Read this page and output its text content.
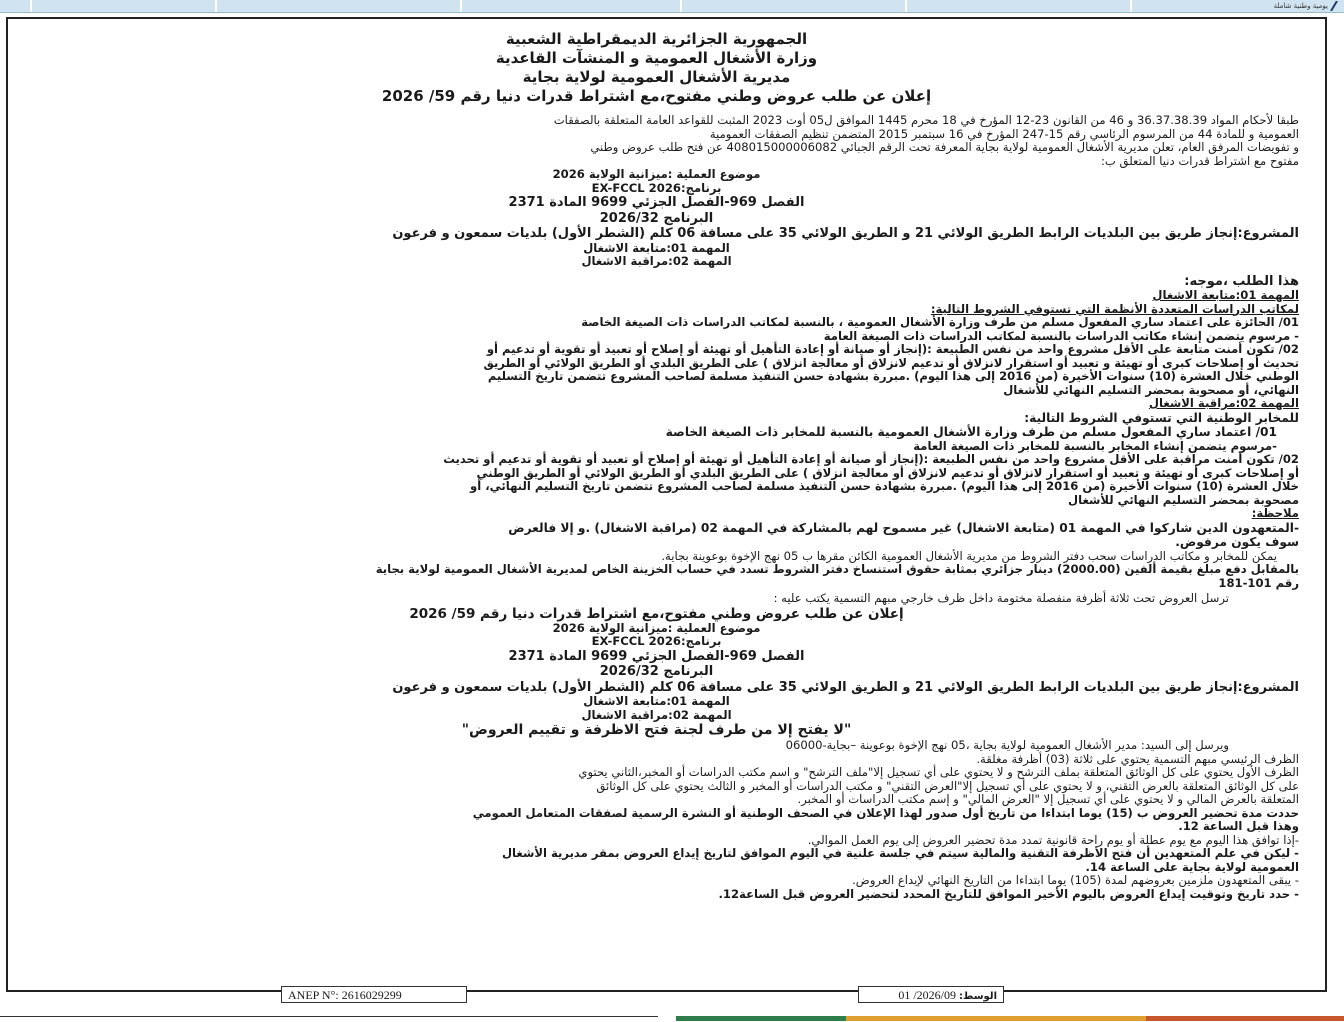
يومية وطنية شاملة
الجمهورية الجزائرية الديمقراطية الشعبية
وزارة الأشغال العمومية و المنشآت القاعدية
مديرية الأشغال العمومية لولاية بجاية
إعلان عن طلب عروض وطني مفتوح،مع اشتراط قدرات دنيا رقم 59/ 2026
طبقا لأحكام المواد 36.37.38.39 و 46 من القانون 23-12 المؤرخ في 18 محرم 1445 الموافق ل05 أوت 2023 المثبت للقواعد العامة المتعلقة بالصفقات
العمومية و للمادة 44 من المرسوم الرئاسي رقم 15-247 المؤرخ في 16 سبتمبر 2015 المتضمن تنظيم الصفقات العمومية
و تفويضات المرفق العام، تعلن مديرية الأشغال العمومية لولاية بجاية المعرفة تحت الرقم الجبائي 408015000006082 عن فتح طلب عروض وطني
مفتوح مع اشتراط قدرات دنيا المتعلق ب:
موضوع العملية :ميزانية الولاية 2026
برنامج:EX-FCCL 2026
الفصل 969-الفصل الجزئي 9699 المادة 2371
البرنامج 2026/32
المشروع:إنجاز طريق بين البلديات الرابط الطريق الولائي 21 و الطريق الولائي 35 على مسافة 06 كلم (الشطر الأول) بلديات سمعون و فرعون
المهمة 01:متابعة الاشغال
المهمة 02:مراقبة الاشغال
هذا الطلب ،موجه:
المهمة 01:متابعة الاشغال
لمكاتب الدراسات المتعددة الأنظمة التي تستوفي الشروط التالية:
01/ الحائزة على اعتماد ساري المفعول مسلم من طرف وزارة الأشغال العمومية ، بالنسبة لمكاتب الدراسات ذات الصيغة الخاصة
- مرسوم يتضمن إنشاء مكاتب الدراسات بالنسبة لمكاتب الدراسات ذات الصيغة العامة
02/ تكون أمنت متابعة على الأقل مشروع واحد من نفس الطبيعة :(إنجاز أو صيانة أو إعادة التأهيل أو تهيئة أو إصلاح أو تعبيد أو تقوية أو تدعيم أو
تحديث أو إصلاحات كبرى أو تهيئة و تعبيد أو استقرار لانزلاق أو تدعيم لانزلاق أو معالجة انزلاق ) على الطريق البلدي أو الطريق الولائي أو الطريق
الوطني خلال العشرة (10) سنوات الأخيرة (من 2016 إلى هذا اليوم) .مبررة بشهادة حسن التنفيذ مسلمة لصاحب المشروع تتضمن تاريخ التسليم
النهائي، أو مصحوبة بمحضر التسليم النهائي للأشغال
المهمة 02:مراقبة الاشغال
للمخابر الوطنية التي تستوفي الشروط التالية:
01/ اعتماد ساري المفعول مسلم من طرف وزارة الأشغال العمومية بالنسبة للمخابر ذات الصيغة الخاصة
-مرسوم يتضمن إنشاء المخابر بالنسبة للمخابر ذات الصيغة العامة
02/ تكون أمنت مراقبة على الأقل مشروع واحد من نفس الطبيعة :(إنجاز أو صيانة أو إعادة التأهيل أو تهيئة أو إصلاح أو تعبيد أو تقوية أو تدعيم أو تحديث
أو إصلاحات كبرى أو تهيئة و تعبيد أو استقرار لانزلاق أو تدعيم لانزلاق أو معالجة انزلاق ) على الطريق البلدي أو الطريق الولائي أو الطريق الوطني
خلال العشرة (10) سنوات الأخيرة (من 2016 إلى هذا اليوم) .مبررة بشهادة حسن التنفيذ مسلمة لصاحب المشروع تتضمن تاريخ التسليم النهائي، أو
مصحوبة بمحضر التسليم النهائي للأشغال
ملاحظة:
-المتعهدون الدين شاركوا في المهمة 01 (متابعة الاشغال) غير مسموح لهم بالمشاركة في المهمة 02 (مراقبة الاشغال) .و إلا فالعرض
سوف يكون مرفوض.
يمكن للمخابر و مكاتب الدراسات سحب دفتر الشروط من مديرية الأشغال العمومية الكائن مقرها ب 05 نهج الإخوة بوعوينة بجاية.
بالمقابل دفع مبلغ بقيمة ألفين (2000.00) دينار جزائري بمثابة حقوق استنساخ دفتر الشروط تسدد في حساب الخزينة الخاص لمديرية الأشغال العمومية لولاية بجاية
رقم 101-181
ترسل العروض تحت ثلاثة أظرفة منفصلة مختومة داخل ظرف خارجي مبهم التسمية يكتب عليه :
إعلان عن طلب عروض وطني مفتوح،مع اشتراط قدرات دنيا رقم 59/ 2026
موضوع العملية :ميزانية الولاية 2026
برنامج:EX-FCCL 2026
الفصل 969-الفصل الجزئي 9699 المادة 2371
البرنامج 2026/32
المشروع:إنجاز طريق بين البلديات الرابط الطريق الولائي 21 و الطريق الولائي 35 على مسافة 06 كلم (الشطر الأول) بلديات سمعون و فرعون
المهمة 01:متابعة الاشغال
المهمة 02:مراقبة الاشغال
"لا يفتح إلا من طرف لجنة فتح الاظرفة و تقييم العروض"
ويرسل إلى السيد: مدير الأشغال العمومية لولاية بجاية ،05 نهج الإخوة بوعوينة –بجاية-06000
الظرف الرئيسي مبهم التسمية يحتوي على ثلاثة (03) أظرفة مغلقة.
الظرف الأول يحتوي على كل الوثائق المتعلقة بملف الترشح و لا يحتوي على أي تسجيل إلا"ملف الترشح" و اسم مكتب الدراسات أو المخبر،الثاني يحتوي
على كل الوثائق المتعلقة بالعرض التقني، و لا يحتوي على أي تسجيل إلا"العرض التقني" و مكتب الدراسات أو المخبر و الثالث يحتوي على كل الوثائق
المتعلقة بالعرض المالي و لا يحتوي على أي تسجيل إلا "العرض المالي" و إسم مكتب الدراسات أو المخبر.
حددت مدة تحضير العروض ب (15) يوما ابتداءا من تاريخ أول صدور لهذا الإعلان في الصحف الوطنية أو النشرة الرسمية لصفقات المتعامل العمومي
وهذا قبل الساعة 12.
-إذا توافق هذا اليوم مع يوم عطلة أو يوم راحة قانونية تمدد مدة تحضير العروض إلى يوم العمل الموالي.
- ليكن في علم المتعهدين أن فتح الأظرفة التقنية والمالية سيتم في جلسة علنية في اليوم الموافق لتاريخ إيداع العروض بمقر مديرية الأشغال
العمومية لولاية بجاية على الساعة 14.
- يبقى المتعهدون ملزمين بعروضهم لمدة (105) يوما ابتداءا من التاريخ النهائي لإيداع العروض.
- حدد تاريخ وتوقيت إيداع العروض باليوم الأخير الموافق للتاريخ المحدد لتحضير العروض قبل الساعة12.
ANEP N°: 2616029299	الوسط: 2026/09/ 01
